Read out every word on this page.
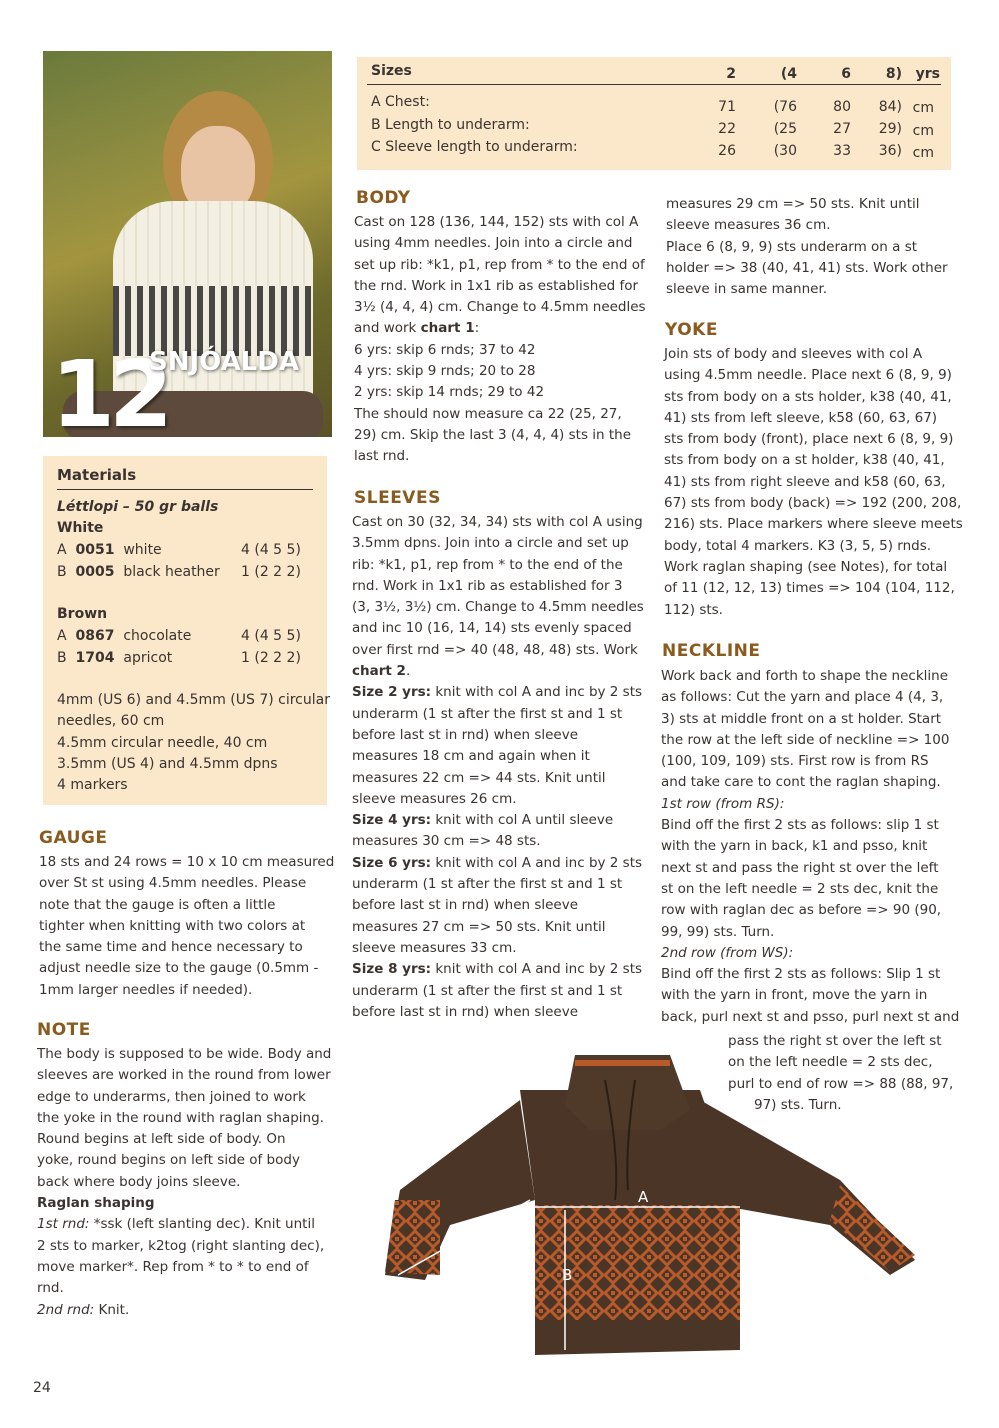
12
SNJÓALDA
Materials
Léttlopi – 50 gr balls
White
A 0051 white	4 (4 5 5)
B 0005 black heather 1 (2 2 2)
Brown
A 0867 chocolate	4 (4 5 5)
B 1704 apricot	1 (2 2 2)
4mm (US 6) and 4.5mm (US 7) circular
needles, 60 cm
4.5mm circular needle, 40 cm
3.5mm (US 4) and 4.5mm dpns
4 markers
Sizes	2	(4	6	8) yrs
A Chest:	71	(76	80	84) cm
B Length to underarm:	22	(25	27	29) cm
C Sleeve length to underarm:	26	(30	33	36) cm
GAUGE
18 sts and 24 rows = 10 x 10 cm measured
over St st using 4.5mm needles. Please
note that the gauge is often a little
tighter when knitting with two colors at
the same time and hence necessary to
adjust needle size to the gauge (0.5mm -
1mm larger needles if needed).
NOTE
The body is supposed to be wide. Body and
sleeves are worked in the round from lower
edge to underarms, then joined to work
the yoke in the round with raglan shaping.
Round begins at left side of body. On
yoke, round begins on left side of body
back where body joins sleeve.
Raglan shaping
1st rnd: *ssk (left slanting dec). Knit until
2 sts to marker, k2tog (right slanting dec),
move marker*. Rep from * to * to end of
rnd.
2nd rnd: Knit.
BODY
Cast on 128 (136, 144, 152) sts with col A
using 4mm needles. Join into a circle and
set up rib: *k1, p1, rep from * to the end of
the rnd. Work in 1x1 rib as established for
3½ (4, 4, 4) cm. Change to 4.5mm needles
and work chart 1:
6 yrs: skip 6 rnds; 37 to 42
4 yrs: skip 9 rnds; 20 to 28
2 yrs: skip 14 rnds; 29 to 42
The should now measure ca 22 (25, 27,
29) cm. Skip the last 3 (4, 4, 4) sts in the
last rnd.
SLEEVES
Cast on 30 (32, 34, 34) sts with col A using
3.5mm dpns. Join into a circle and set up
rib: *k1, p1, rep from * to the end of the
rnd. Work in 1x1 rib as established for 3
(3, 3½, 3½) cm. Change to 4.5mm needles
and inc 10 (16, 14, 14) sts evenly spaced
over first rnd => 40 (48, 48, 48) sts. Work
chart 2.
Size 2 yrs: knit with col A and inc by 2 sts
underarm (1 st after the first st and 1 st
before last st in rnd) when sleeve
measures 18 cm and again when it
measures 22 cm => 44 sts. Knit until
sleeve measures 26 cm.
Size 4 yrs: knit with col A until sleeve
measures 30 cm => 48 sts.
Size 6 yrs: knit with col A and inc by 2 sts
underarm (1 st after the first st and 1 st
before last st in rnd) when sleeve
measures 27 cm => 50 sts. Knit until
sleeve measures 33 cm.
Size 8 yrs: knit with col A and inc by 2 sts
underarm (1 st after the first st and 1 st
before last st in rnd) when sleeve
measures 29 cm => 50 sts. Knit until
sleeve measures 36 cm.
Place 6 (8, 9, 9) sts underarm on a st
holder => 38 (40, 41, 41) sts. Work other
sleeve in same manner.
YOKE
Join sts of body and sleeves with col A
using 4.5mm needle. Place next 6 (8, 9, 9)
sts from body on a sts holder, k38 (40, 41,
41) sts from left sleeve, k58 (60, 63, 67)
sts from body (front), place next 6 (8, 9, 9)
sts from body on a st holder, k38 (40, 41,
41) sts from right sleeve and k58 (60, 63,
67) sts from body (back) => 192 (200, 208,
216) sts. Place markers where sleeve meets
body, total 4 markers. K3 (3, 5, 5) rnds.
Work raglan shaping (see Notes), for total
of 11 (12, 12, 13) times => 104 (104, 112,
112) sts.
NECKLINE
Work back and forth to shape the neckline
as follows: Cut the yarn and place 4 (4, 3,
3) sts at middle front on a st holder. Start
the row at the left side of neckline => 100
(100, 109, 109) sts. First row is from RS
and take care to cont the raglan shaping.
1st row (from RS):
Bind off the first 2 sts as follows: slip 1 st
with the yarn in back, k1 and psso, knit
next st and pass the right st over the left
st on the left needle = 2 sts dec, knit the
row with raglan dec as before => 90 (90,
99, 99) sts. Turn.
2nd row (from WS):
Bind off the first 2 sts as follows: Slip 1 st
with the yarn in front, move the yarn in
back, purl next st and psso, purl next st and
pass the right st over the left st
on the left needle = 2 sts dec,
purl to end of row => 88 (88, 97,
97) sts. Turn.
A
B
C
24
